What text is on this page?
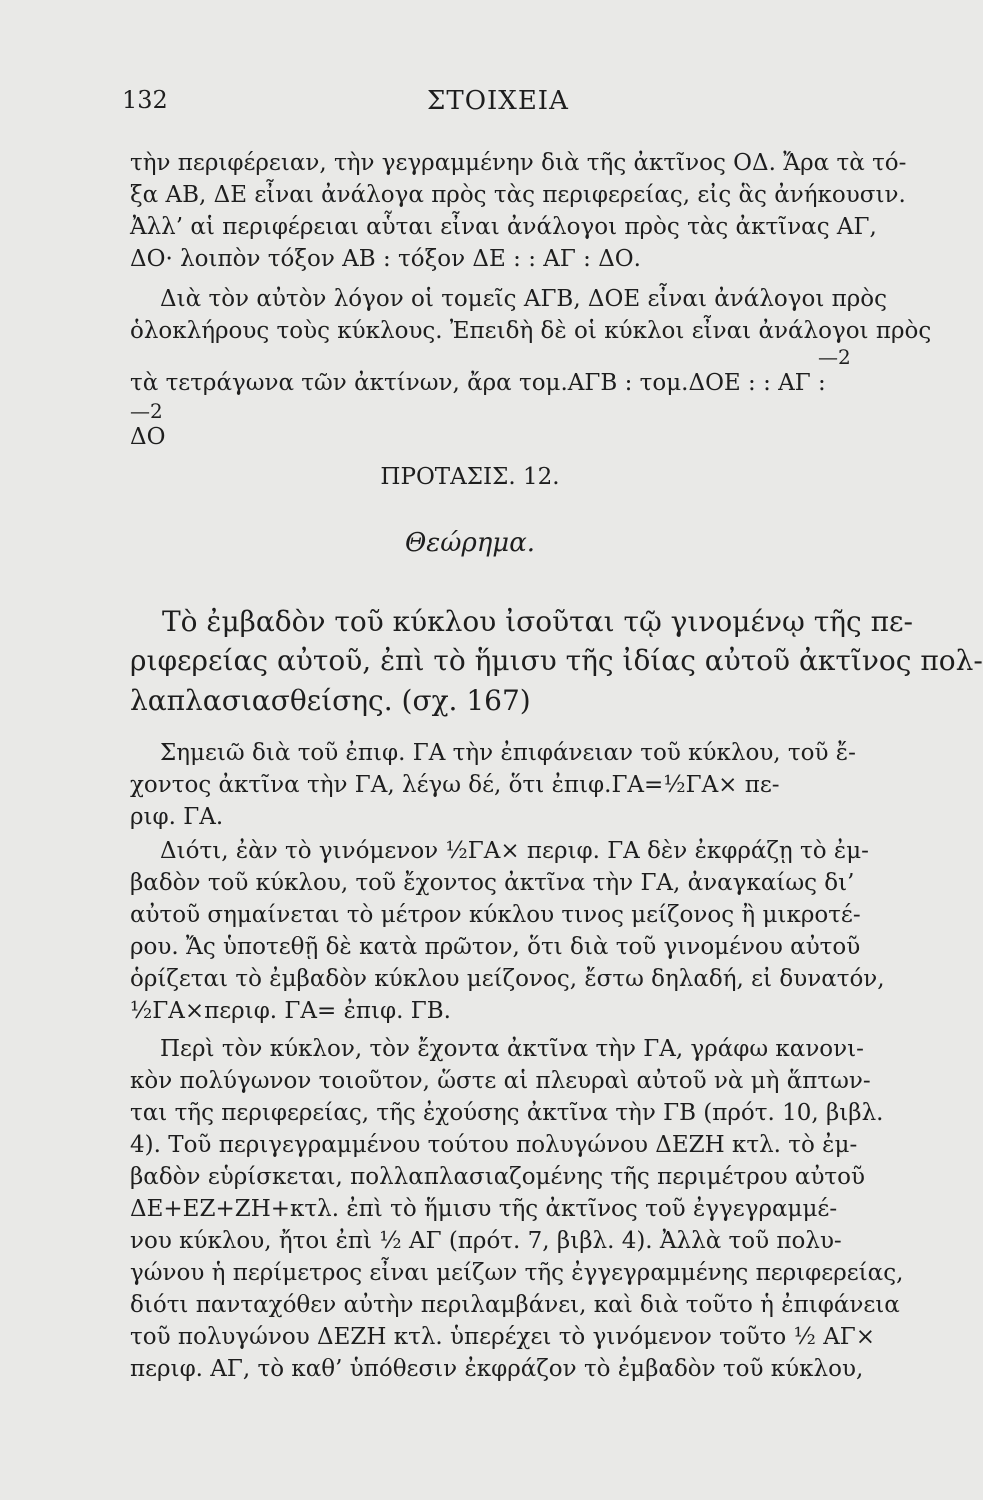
132	ΣΤΟΙΧΕΙΑ
τὴν περιφέρειαν, τὴν γεγραμμένην διὰ τῆς ἀκτῖνος ΟΔ. Ἄρα τὰ τό-
ξα ΑΒ, ΔΕ εἶναι ἀνάλογα πρὸς τὰς περιφερείας, εἰς ἃς ἀνήκουσιν.
Ἀλλ’ αἱ περιφέρειαι αὗται εἶναι ἀνάλογοι πρὸς τὰς ἀκτῖνας ΑΓ,
ΔΟ· λοιπὸν τόξον ΑΒ : τόξον ΔΕ : : ΑΓ : ΔΟ.
Διὰ τὸν αὐτὸν λόγον οἱ τομεῖς ΑΓΒ, ΔΟΕ εἶναι ἀνάλογοι πρὸς
ὁλοκλήρους τοὺς κύκλους. Ἐπειδὴ δὲ οἱ κύκλοι εἶναι ἀνάλογοι πρὸς
—2
τὰ τετράγωνα τῶν ἀκτίνων, ἄρα τομ.ΑΓΒ : τομ.ΔΟΕ : : ΑΓ :
—2
ΔΟ
ΠΡΟΤΑΣΙΣ. 12.
Θεώρημα.
Τὸ ἐμβαδὸν τοῦ κύκλου ἰσοῦται τῷ γινομένῳ τῆς πε-
ριφερείας αὐτοῦ, ἐπὶ τὸ ἥμισυ τῆς ἰδίας αὐτοῦ ἀκτῖνος πολ-
λαπλασιασθείσης. (σχ. 167)
Σημειῶ διὰ τοῦ ἐπιφ. ΓΑ τὴν ἐπιφάνειαν τοῦ κύκλου, τοῦ ἔ-
χοντος ἀκτῖνα τὴν ΓΑ, λέγω δέ, ὅτι ἐπιφ.ΓΑ=½ΓΑ× πε-
ριφ. ΓΑ.
Διότι, ἐὰν τὸ γινόμενον ½ΓΑ× περιφ. ΓΑ δὲν ἐκφράζῃ τὸ ἐμ-
βαδὸν τοῦ κύκλου, τοῦ ἔχοντος ἀκτῖνα τὴν ΓΑ, ἀναγκαίως δι’
αὐτοῦ σημαίνεται τὸ μέτρον κύκλου τινος μείζονος ἢ μικροτέ-
ρου. Ἄς ὑποτεθῇ δὲ κατὰ πρῶτον, ὅτι διὰ τοῦ γινομένου αὐτοῦ
ὁρίζεται τὸ ἐμβαδὸν κύκλου μείζονος, ἔστω δηλαδή, εἰ δυνατόν,
½ΓΑ×περιφ. ΓΑ= ἐπιφ. ΓΒ.
Περὶ τὸν κύκλον, τὸν ἔχοντα ἀκτῖνα τὴν ΓΑ, γράφω κανονι-
κὸν πολύγωνον τοιοῦτον, ὥστε αἱ πλευραὶ αὐτοῦ νὰ μὴ ἅπτων-
ται τῆς περιφερείας, τῆς ἐχούσης ἀκτῖνα τὴν ΓΒ (πρότ. 10, βιβλ.
4). Τοῦ περιγεγραμμένου τούτου πολυγώνου ΔΕΖΗ κτλ. τὸ ἐμ-
βαδὸν εὑρίσκεται, πολλαπλασιαζομένης τῆς περιμέτρου αὐτοῦ
ΔΕ+ΕΖ+ΖΗ+κτλ. ἐπὶ τὸ ἥμισυ τῆς ἀκτῖνος τοῦ ἐγγεγραμμέ-
νου κύκλου, ἤτοι ἐπὶ ½ ΑΓ (πρότ. 7, βιβλ. 4). Ἀλλὰ τοῦ πολυ-
γώνου ἡ περίμετρος εἶναι μείζων τῆς ἐγγεγραμμένης περιφερείας,
διότι πανταχόθεν αὐτὴν περιλαμβάνει, καὶ διὰ τοῦτο ἡ ἐπιφάνεια
τοῦ πολυγώνου ΔΕΖΗ κτλ. ὑπερέχει τὸ γινόμενον τοῦτο ½ ΑΓ×
περιφ. ΑΓ, τὸ καθ’ ὑπόθεσιν ἐκφράζον τὸ ἐμβαδὸν τοῦ κύκλου,
